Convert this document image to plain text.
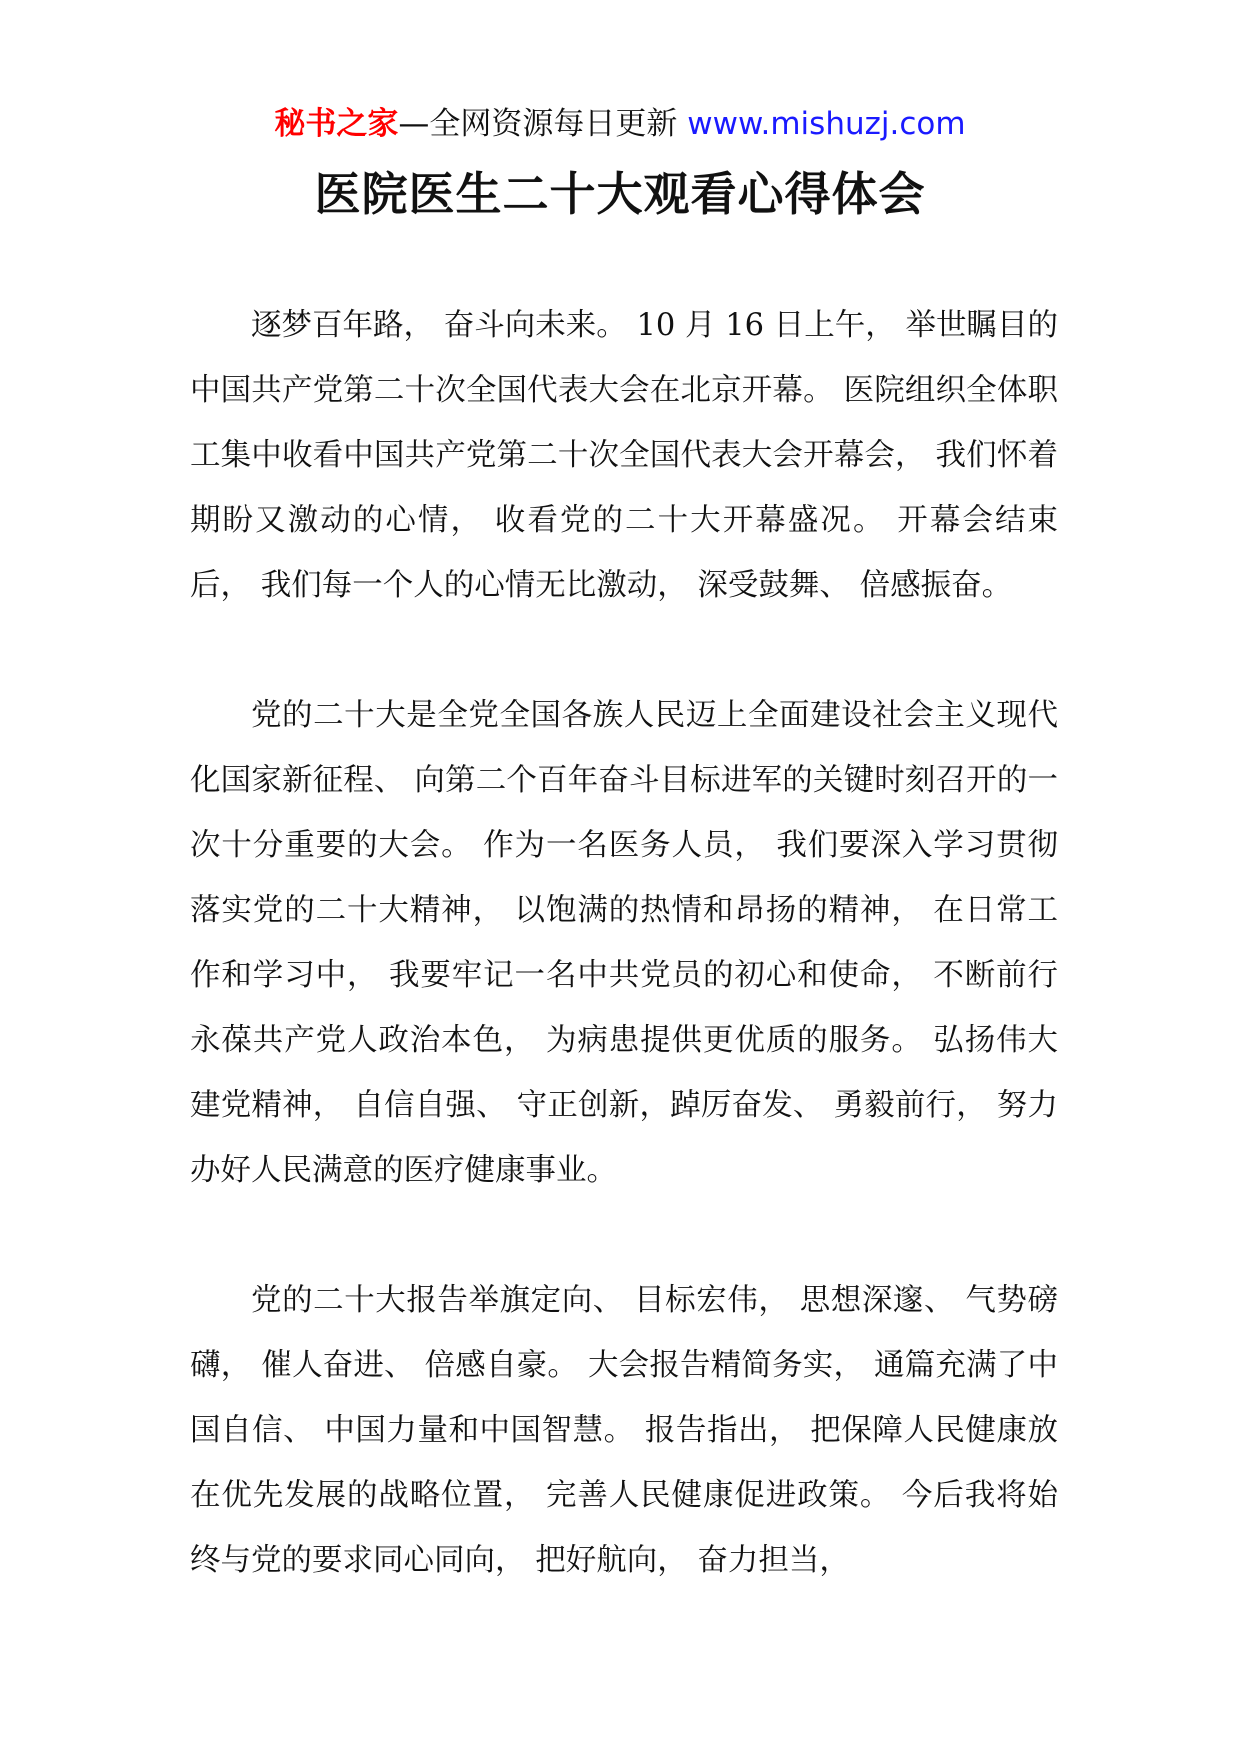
秘书之家—全网资源每日更新 www.mishuzj.com
医院医生二十大观看心得体会

逐梦百年路， 奋斗向未来。 10 月 16 日上午， 举世瞩目的中国共产党第二十次全国代表大会在北京开幕。 医院组织全体职工集中收看中国共产党第二十次全国代表大会开幕会， 我们怀着期盼又激动的心情， 收看党的二十大开幕盛况。 开幕会结束后， 我们每一个人的心情无比激动， 深受鼓舞、 倍感振奋。

党的二十大是全党全国各族人民迈上全面建设社会主义现代化国家新征程、 向第二个百年奋斗目标进军的关键时刻召开的一次十分重要的大会。 作为一名医务人员， 我们要深入学习贯彻落实党的二十大精神， 以饱满的热情和昂扬的精神， 在日常工作和学习中， 我要牢记一名中共党员的初心和使命， 不断前行永葆共产党人政治本色， 为病患提供更优质的服务。 弘扬伟大建党精神， 自信自强、 守正创新，踔厉奋发、 勇毅前行， 努力办好人民满意的医疗健康事业。

党的二十大报告举旗定向、 目标宏伟， 思想深邃、 气势磅礴， 催人奋进、 倍感自豪。 大会报告精简务实， 通篇充满了中国自信、 中国力量和中国智慧。 报告指出， 把保障人民健康放在优先发展的战略位置， 完善人民健康促进政策。 今后我将始终与党的要求同心同向， 把好航向， 奋力担当，
